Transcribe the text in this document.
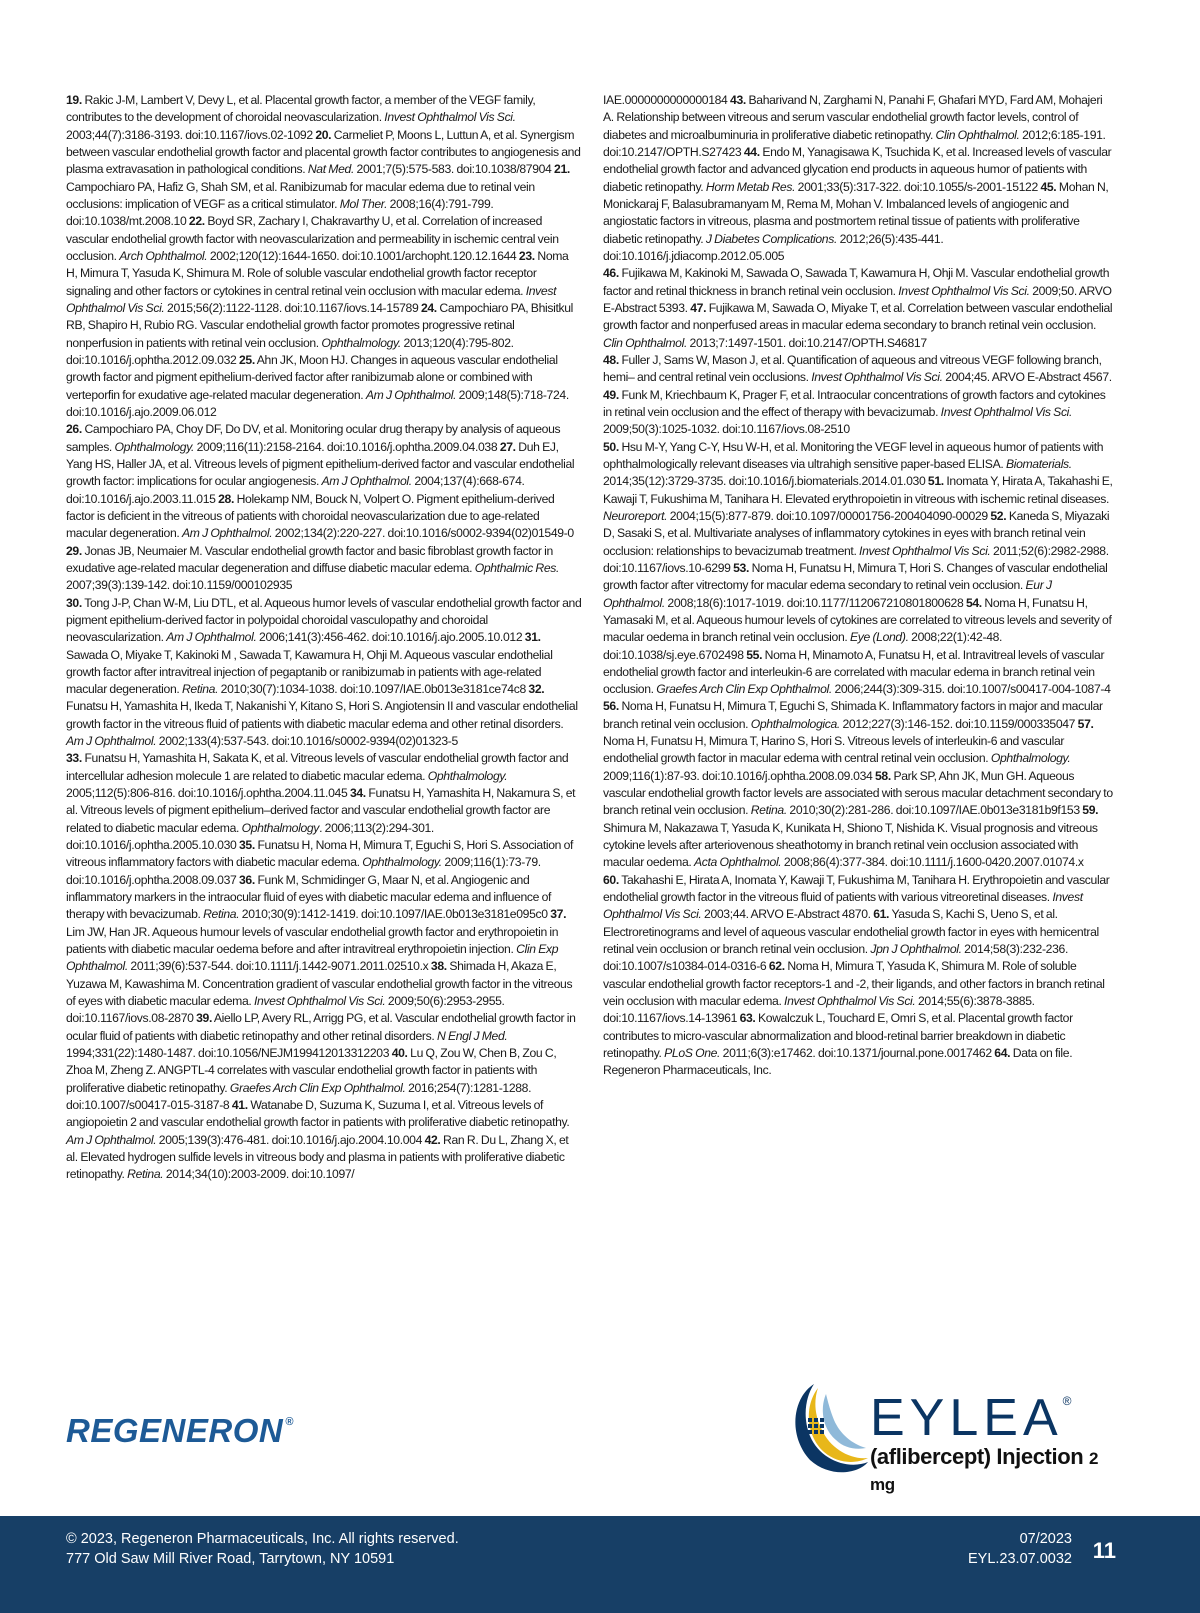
19. Rakic J-M, Lambert V, Devy L, et al. Placental growth factor, a member of the VEGF family, contributes to the development of choroidal neovascularization. Invest Ophthalmol Vis Sci. 2003;44(7):3186-3193. doi:10.1167/iovs.02-1092 20. Carmeliet P, Moons L, Luttun A, et al. Synergism between vascular endothelial growth factor and placental growth factor contributes to angiogenesis and plasma extravasation in pathological conditions. Nat Med. 2001;7(5):575-583. doi:10.1038/87904 21. Campochiaro PA, Hafiz G, Shah SM, et al. Ranibizumab for macular edema due to retinal vein occlusions: implication of VEGF as a critical stimulator. Mol Ther. 2008;16(4):791-799. doi:10.1038/mt.2008.10 22. Boyd SR, Zachary I, Chakravarthy U, et al. Correlation of increased vascular endothelial growth factor with neovascularization and permeability in ischemic central vein occlusion. Arch Ophthalmol. 2002;120(12):1644-1650. doi:10.1001/archopht.120.12.1644 23. Noma H, Mimura T, Yasuda K, Shimura M. Role of soluble vascular endothelial growth factor receptor signaling and other factors or cytokines in central retinal vein occlusion with macular edema. Invest Ophthalmol Vis Sci. 2015;56(2):1122-1128. doi:10.1167/iovs.14-15789 24. Campochiaro PA, Bhisitkul RB, Shapiro H, Rubio RG. Vascular endothelial growth factor promotes progressive retinal nonperfusion in patients with retinal vein occlusion. Ophthalmology. 2013;120(4):795-802. doi:10.1016/j.ophtha.2012.09.032 25. Ahn JK, Moon HJ. Changes in aqueous vascular endothelial growth factor and pigment epithelium-derived factor after ranibizumab alone or combined with verteporfin for exudative age-related macular degeneration. Am J Ophthalmol. 2009;148(5):718-724. doi:10.1016/j.ajo.2009.06.012
26. Campochiaro PA, Choy DF, Do DV, et al. Monitoring ocular drug therapy by analysis of aqueous samples. Ophthalmology. 2009;116(11):2158-2164. doi:10.1016/j.ophtha.2009.04.038 27. Duh EJ, Yang HS, Haller JA, et al. Vitreous levels of pigment epithelium-derived factor and vascular endothelial growth factor: implications for ocular angiogenesis. Am J Ophthalmol. 2004;137(4):668-674. doi:10.1016/j.ajo.2003.11.015 28. Holekamp NM, Bouck N, Volpert O. Pigment epithelium-derived factor is deficient in the vitreous of patients with choroidal neovascularization due to age-related macular degeneration. Am J Ophthalmol. 2002;134(2):220-227. doi:10.1016/s0002-9394(02)01549-0
29. Jonas JB, Neumaier M. Vascular endothelial growth factor and basic fibroblast growth factor in exudative age-related macular degeneration and diffuse diabetic macular edema. Ophthalmic Res. 2007;39(3):139-142. doi:10.1159/000102935
30. Tong J-P, Chan W-M, Liu DTL, et al. Aqueous humor levels of vascular endothelial growth factor and pigment epithelium-derived factor in polypoidal choroidal vasculopathy and choroidal neovascularization. Am J Ophthalmol. 2006;141(3):456-462. doi:10.1016/j.ajo.2005.10.012 31. Sawada O, Miyake T, Kakinoki M , Sawada T, Kawamura H, Ohji M. Aqueous vascular endothelial growth factor after intravitreal injection of pegaptanib or ranibizumab in patients with age-related macular degeneration. Retina. 2010;30(7):1034-1038. doi:10.1097/IAE.0b013e3181ce74c8 32. Funatsu H, Yamashita H, Ikeda T, Nakanishi Y, Kitano S, Hori S. Angiotensin II and vascular endothelial growth factor in the vitreous fluid of patients with diabetic macular edema and other retinal disorders. Am J Ophthalmol. 2002;133(4):537-543. doi:10.1016/s0002-9394(02)01323-5
33. Funatsu H, Yamashita H, Sakata K, et al. Vitreous levels of vascular endothelial growth factor and intercellular adhesion molecule 1 are related to diabetic macular edema. Ophthalmology. 2005;112(5):806-816. doi:10.1016/j.ophtha.2004.11.045 34. Funatsu H, Yamashita H, Nakamura S, et al. Vitreous levels of pigment epithelium–derived factor and vascular endothelial growth factor are related to diabetic macular edema. Ophthalmology. 2006;113(2):294-301. doi:10.1016/j.ophtha.2005.10.030 35. Funatsu H, Noma H, Mimura T, Eguchi S, Hori S. Association of vitreous inflammatory factors with diabetic macular edema. Ophthalmology. 2009;116(1):73-79. doi:10.1016/j.ophtha.2008.09.037 36. Funk M, Schmidinger G, Maar N, et al. Angiogenic and inflammatory markers in the intraocular fluid of eyes with diabetic macular edema and influence of therapy with bevacizumab. Retina. 2010;30(9):1412-1419. doi:10.1097/IAE.0b013e3181e095c0 37. Lim JW, Han JR. Aqueous humour levels of vascular endothelial growth factor and erythropoietin in patients with diabetic macular oedema before and after intravitreal erythropoietin injection. Clin Exp Ophthalmol. 2011;39(6):537-544. doi:10.1111/j.1442-9071.2011.02510.x 38. Shimada H, Akaza E, Yuzawa M, Kawashima M. Concentration gradient of vascular endothelial growth factor in the vitreous of eyes with diabetic macular edema. Invest Ophthalmol Vis Sci. 2009;50(6):2953-2955. doi:10.1167/iovs.08-2870 39. Aiello LP, Avery RL, Arrigg PG, et al. Vascular endothelial growth factor in ocular fluid of patients with diabetic retinopathy and other retinal disorders. N Engl J Med. 1994;331(22):1480-1487. doi:10.1056/NEJM199412013312203 40. Lu Q, Zou W, Chen B, Zou C, Zhoa M, Zheng Z. ANGPTL-4 correlates with vascular endothelial growth factor in patients with proliferative diabetic retinopathy. Graefes Arch Clin Exp Ophthalmol. 2016;254(7):1281-1288. doi:10.1007/s00417-015-3187-8 41. Watanabe D, Suzuma K, Suzuma I, et al. Vitreous levels of angiopoietin 2 and vascular endothelial growth factor in patients with proliferative diabetic retinopathy. Am J Ophthalmol. 2005;139(3):476-481. doi:10.1016/j.ajo.2004.10.004 42. Ran R. Du L, Zhang X, et al. Elevated hydrogen sulfide levels in vitreous body and plasma in patients with proliferative diabetic retinopathy. Retina. 2014;34(10):2003-2009. doi:10.1097/

IAE.0000000000000184 43. Baharivand N, Zarghami N, Panahi F, Ghafari MYD, Fard AM, Mohajeri A. Relationship between vitreous and serum vascular endothelial growth factor levels, control of diabetes and microalbuminuria in proliferative diabetic retinopathy. Clin Ophthalmol. 2012;6:185-191. doi:10.2147/OPTH.S27423 44. Endo M, Yanagisawa K, Tsuchida K, et al. Increased levels of vascular endothelial growth factor and advanced glycation end products in aqueous humor of patients with diabetic retinopathy. Horm Metab Res. 2001;33(5):317-322. doi:10.1055/s-2001-15122 45. Mohan N, Monickaraj F, Balasubramanyam M, Rema M, Mohan V. Imbalanced levels of angiogenic and angiostatic factors in vitreous, plasma and postmortem retinal tissue of patients with proliferative diabetic retinopathy. J Diabetes Complications. 2012;26(5):435-441. doi:10.1016/j.jdiacomp.2012.05.005
46. Fujikawa M, Kakinoki M, Sawada O, Sawada T, Kawamura H, Ohji M. Vascular endothelial growth factor and retinal thickness in branch retinal vein occlusion. Invest Ophthalmol Vis Sci. 2009;50. ARVO E-Abstract 5393. 47. Fujikawa M, Sawada O, Miyake T, et al. Correlation between vascular endothelial growth factor and nonperfused areas in macular edema secondary to branch retinal vein occlusion. Clin Ophthalmol. 2013;7:1497-1501. doi:10.2147/OPTH.S46817
48. Fuller J, Sams W, Mason J, et al. Quantification of aqueous and vitreous VEGF following branch, hemi– and central retinal vein occlusions. Invest Ophthalmol Vis Sci. 2004;45. ARVO E-Abstract 4567. 49. Funk M, Kriechbaum K, Prager F, et al. Intraocular concentrations of growth factors and cytokines in retinal vein occlusion and the effect of therapy with bevacizumab. Invest Ophthalmol Vis Sci. 2009;50(3):1025-1032. doi:10.1167/iovs.08-2510
50. Hsu M-Y, Yang C-Y, Hsu W-H, et al. Monitoring the VEGF level in aqueous humor of patients with ophthalmologically relevant diseases via ultrahigh sensitive paper-based ELISA. Biomaterials. 2014;35(12):3729-3735. doi:10.1016/j.biomaterials.2014.01.030 51. Inomata Y, Hirata A, Takahashi E, Kawaji T, Fukushima M, Tanihara H. Elevated erythropoietin in vitreous with ischemic retinal diseases. Neuroreport. 2004;15(5):877-879. doi:10.1097/00001756-200404090-00029 52. Kaneda S, Miyazaki D, Sasaki S, et al. Multivariate analyses of inflammatory cytokines in eyes with branch retinal vein occlusion: relationships to bevacizumab treatment. Invest Ophthalmol Vis Sci. 2011;52(6):2982-2988. doi:10.1167/iovs.10-6299 53. Noma H, Funatsu H, Mimura T, Hori S. Changes of vascular endothelial growth factor after vitrectomy for macular edema secondary to retinal vein occlusion. Eur J Ophthalmol. 2008;18(6):1017-1019. doi:10.1177/112067210801800628 54. Noma H, Funatsu H, Yamasaki M, et al. Aqueous humour levels of cytokines are correlated to vitreous levels and severity of macular oedema in branch retinal vein occlusion. Eye (Lond). 2008;22(1):42-48. doi:10.1038/sj.eye.6702498 55. Noma H, Minamoto A, Funatsu H, et al. Intravitreal levels of vascular endothelial growth factor and interleukin-6 are correlated with macular edema in branch retinal vein occlusion. Graefes Arch Clin Exp Ophthalmol. 2006;244(3):309-315. doi:10.1007/s00417-004-1087-4 56. Noma H, Funatsu H, Mimura T, Eguchi S, Shimada K. Inflammatory factors in major and macular branch retinal vein occlusion. Ophthalmologica. 2012;227(3):146-152. doi:10.1159/000335047 57. Noma H, Funatsu H, Mimura T, Harino S, Hori S. Vitreous levels of interleukin-6 and vascular endothelial growth factor in macular edema with central retinal vein occlusion. Ophthalmology. 2009;116(1):87-93. doi:10.1016/j.ophtha.2008.09.034 58. Park SP, Ahn JK, Mun GH. Aqueous vascular endothelial growth factor levels are associated with serous macular detachment secondary to branch retinal vein occlusion. Retina. 2010;30(2):281-286. doi:10.1097/IAE.0b013e3181b9f153 59. Shimura M, Nakazawa T, Yasuda K, Kunikata H, Shiono T, Nishida K. Visual prognosis and vitreous cytokine levels after arteriovenous sheathotomy in branch retinal vein occlusion associated with macular oedema. Acta Ophthalmol. 2008;86(4):377-384. doi:10.1111/j.1600-0420.2007.01074.x
60. Takahashi E, Hirata A, Inomata Y, Kawaji T, Fukushima M, Tanihara H. Erythropoietin and vascular endothelial growth factor in the vitreous fluid of patients with various vitreoretinal diseases. Invest Ophthalmol Vis Sci. 2003;44. ARVO E-Abstract 4870. 61. Yasuda S, Kachi S, Ueno S, et al. Electroretinograms and level of aqueous vascular endothelial growth factor in eyes with hemicentral retinal vein occlusion or branch retinal vein occlusion. Jpn J Ophthalmol. 2014;58(3):232-236. doi:10.1007/s10384-014-0316-6 62. Noma H, Mimura T, Yasuda K, Shimura M. Role of soluble vascular endothelial growth factor receptors-1 and -2, their ligands, and other factors in branch retinal vein occlusion with macular edema. Invest Ophthalmol Vis Sci. 2014;55(6):3878-3885. doi:10.1167/iovs.14-13961 63. Kowalczuk L, Touchard E, Omri S, et al. Placental growth factor contributes to micro-vascular abnormalization and blood-retinal barrier breakdown in diabetic retinopathy. PLoS One. 2011;6(3):e17462. doi:10.1371/journal.pone.0017462 64. Data on file. Regeneron Pharmaceuticals, Inc.

REGENERON ®	EYLEA®
(aflibercept) Injection 2 mg
© 2023, Regeneron Pharmaceuticals, Inc. All rights reserved.
777 Old Saw Mill River Road, Tarrytown, NY 10591
07/2023
EYL.23.07.0032 11
